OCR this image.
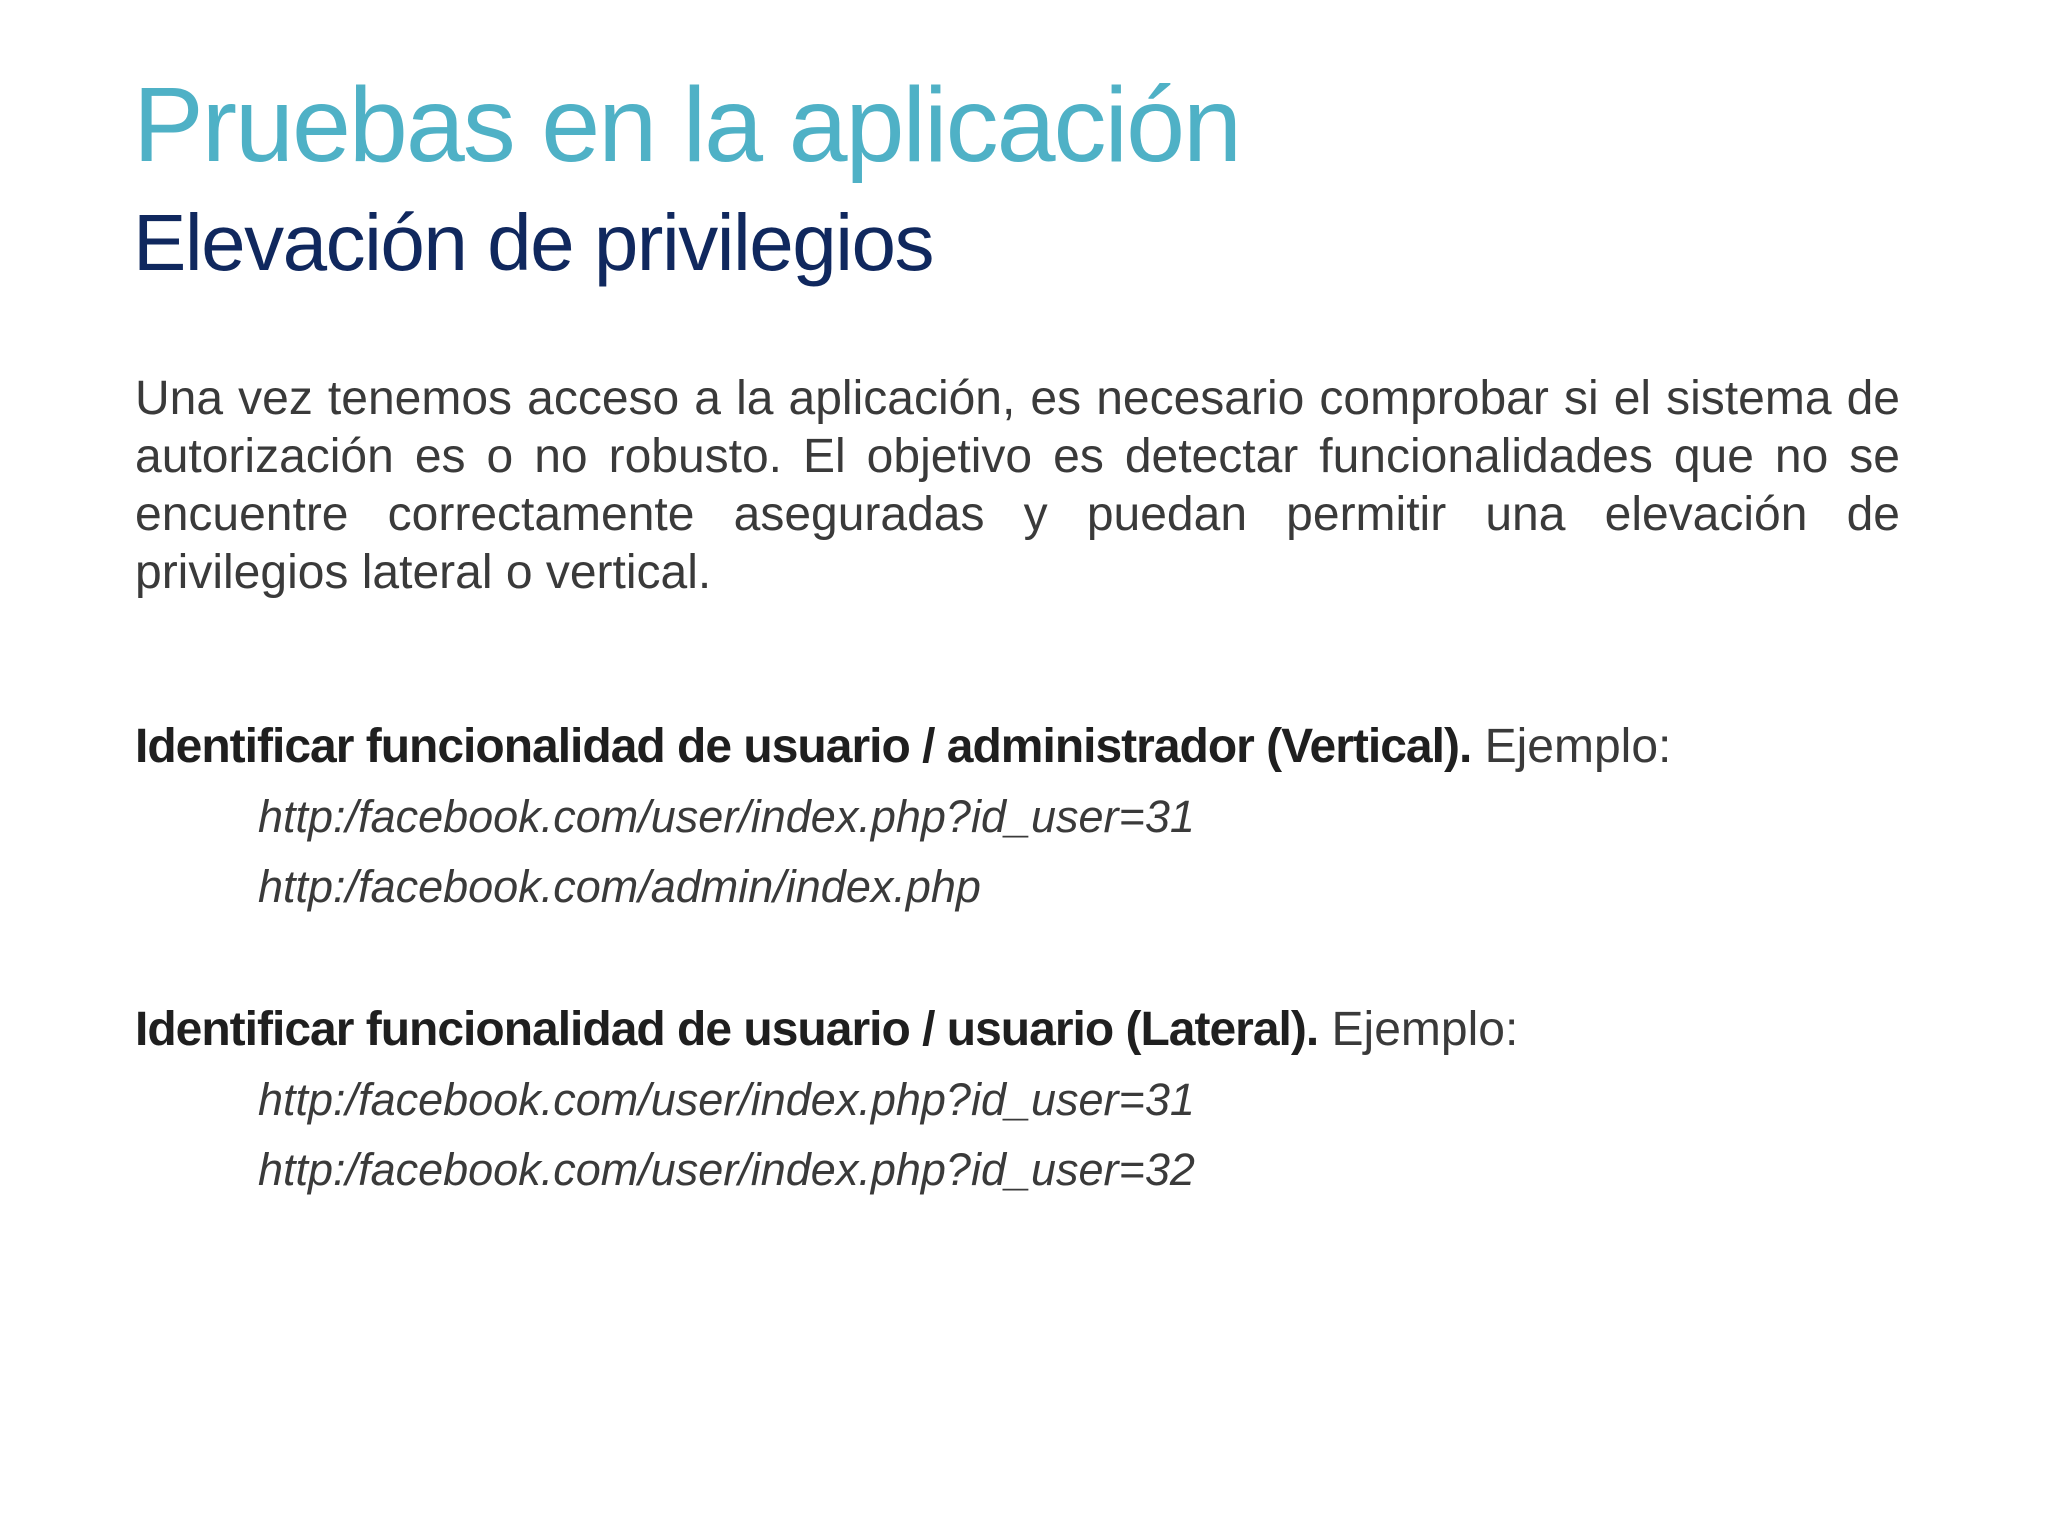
Pruebas en la aplicación
Elevación de privilegios

Una vez tenemos acceso a la aplicación, es necesario comprobar si el sistema de autorización es o no robusto. El objetivo es detectar funcionalidades que no se encuentre correctamente aseguradas y puedan permitir una elevación de privilegios lateral o vertical.

Identificar funcionalidad de usuario / administrador (Vertical). Ejemplo:

http:/facebook.com/user/index.php?id_user=31
http:/facebook.com/admin/index.php

Identificar funcionalidad de usuario / usuario (Lateral). Ejemplo:

http:/facebook.com/user/index.php?id_user=31
http:/facebook.com/user/index.php?id_user=32
